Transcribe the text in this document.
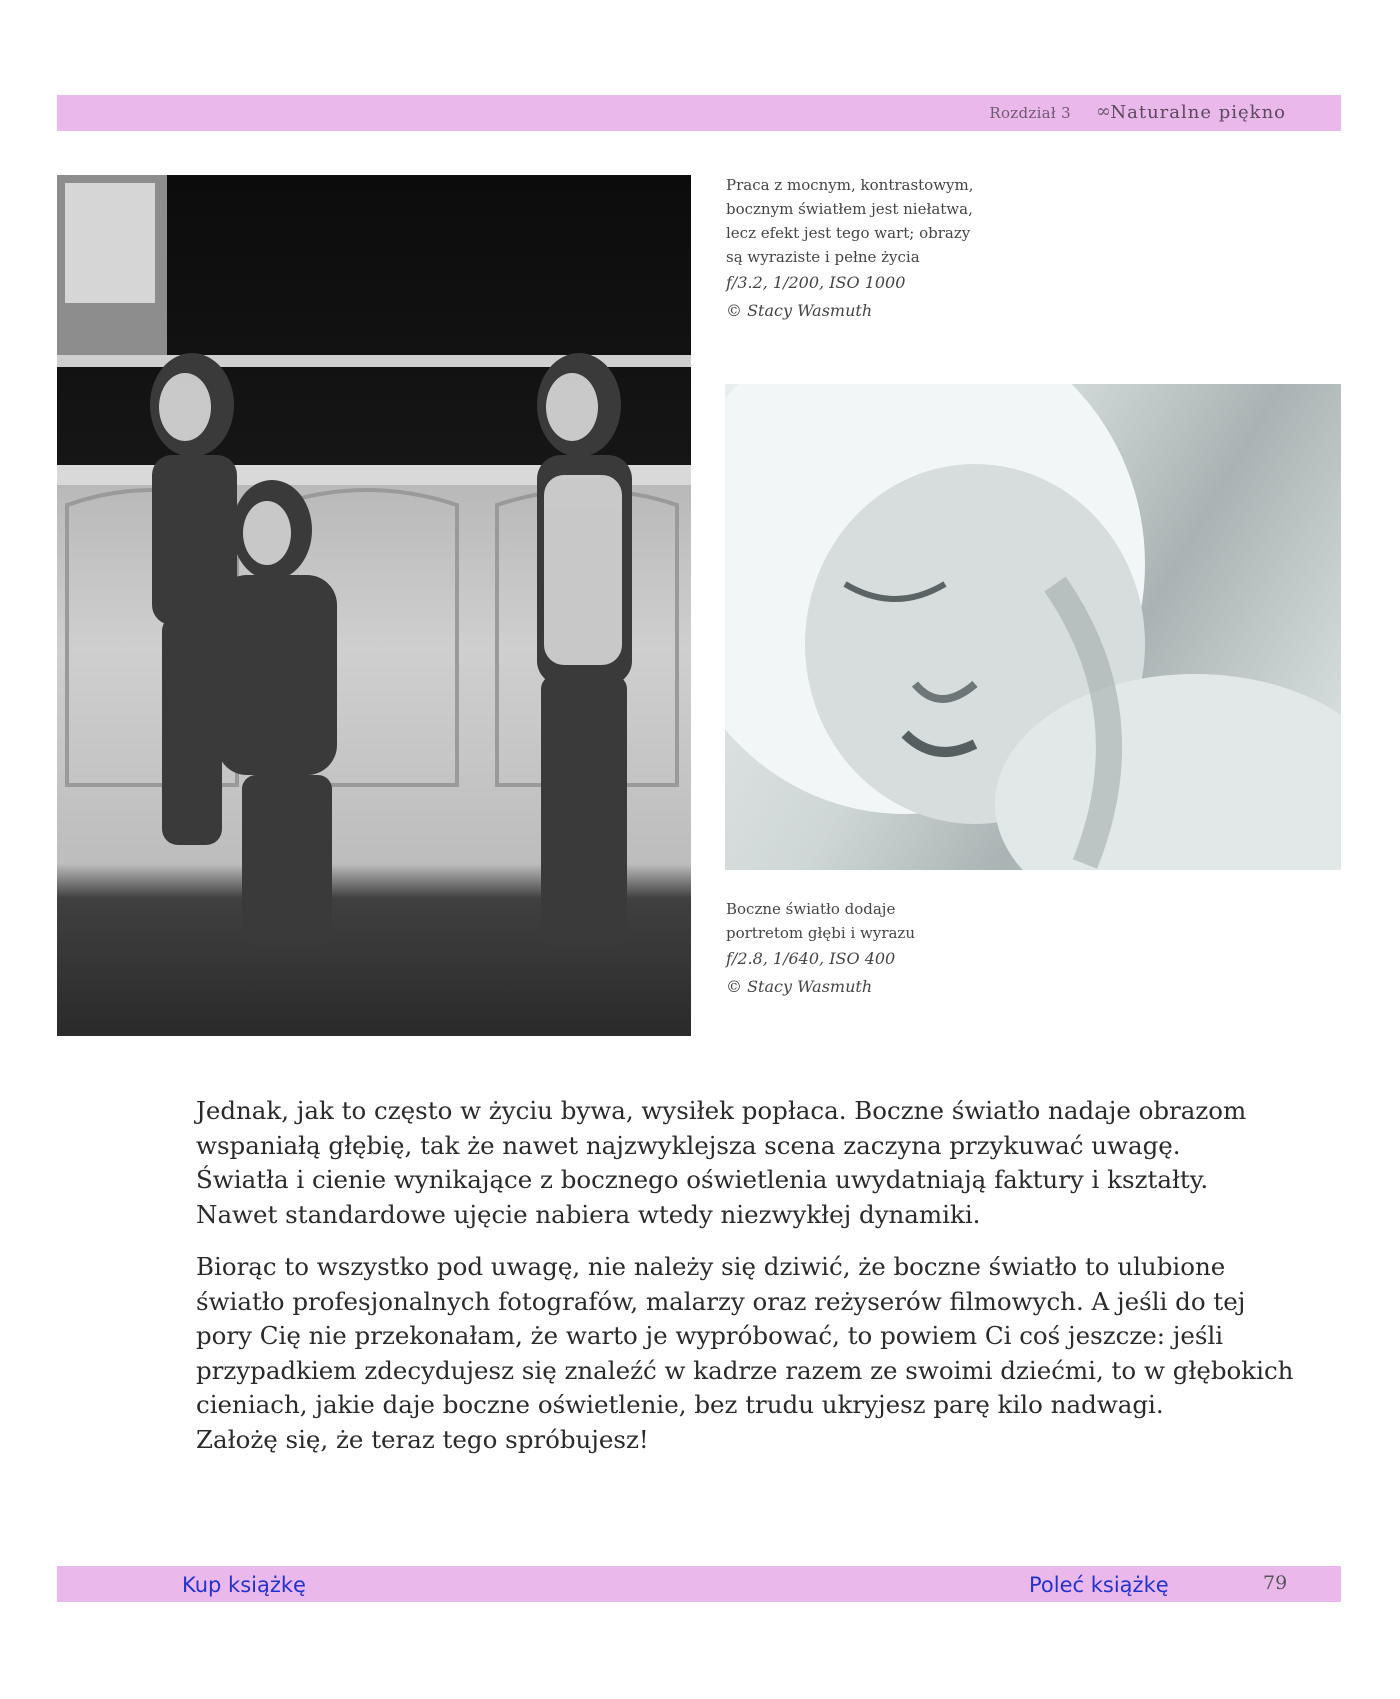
Rozdział 3 ∞ Naturalne piękno
Praca z mocnym, kontrastowym,
bocznym światłem jest niełatwa,
lecz efekt jest tego wart; obrazy
są wyraziste i pełne życia
f/3.2, 1/200, ISO 1000
© Stacy Wasmuth
Boczne światło dodaje
portretom głębi i wyrazu
f/2.8, 1/640, ISO 400
© Stacy Wasmuth

Jednak, jak to często w życiu bywa, wysiłek popłaca. Boczne światło nadaje obrazom
wspaniałą głębię, tak że nawet najzwyklejsza scena zaczyna przykuwać uwagę.
Światła i cienie wynikające z bocznego oświetlenia uwydatniają faktury i kształty.
Nawet standardowe ujęcie nabiera wtedy niezwykłej dynamiki.

Biorąc to wszystko pod uwagę, nie należy się dziwić, że boczne światło to ulubione
światło profesjonalnych fotografów, malarzy oraz reżyserów filmowych. A jeśli do tej
pory Cię nie przekonałam, że warto je wypróbować, to powiem Ci coś jeszcze: jeśli
przypadkiem zdecydujesz się znaleźć w kadrze razem ze swoimi dziećmi, to w głębokich
cieniach, jakie daje boczne oświetlenie, bez trudu ukryjesz parę kilo nadwagi.
Założę się, że teraz tego spróbujesz!

Kup książkę	Poleć książkę	79
